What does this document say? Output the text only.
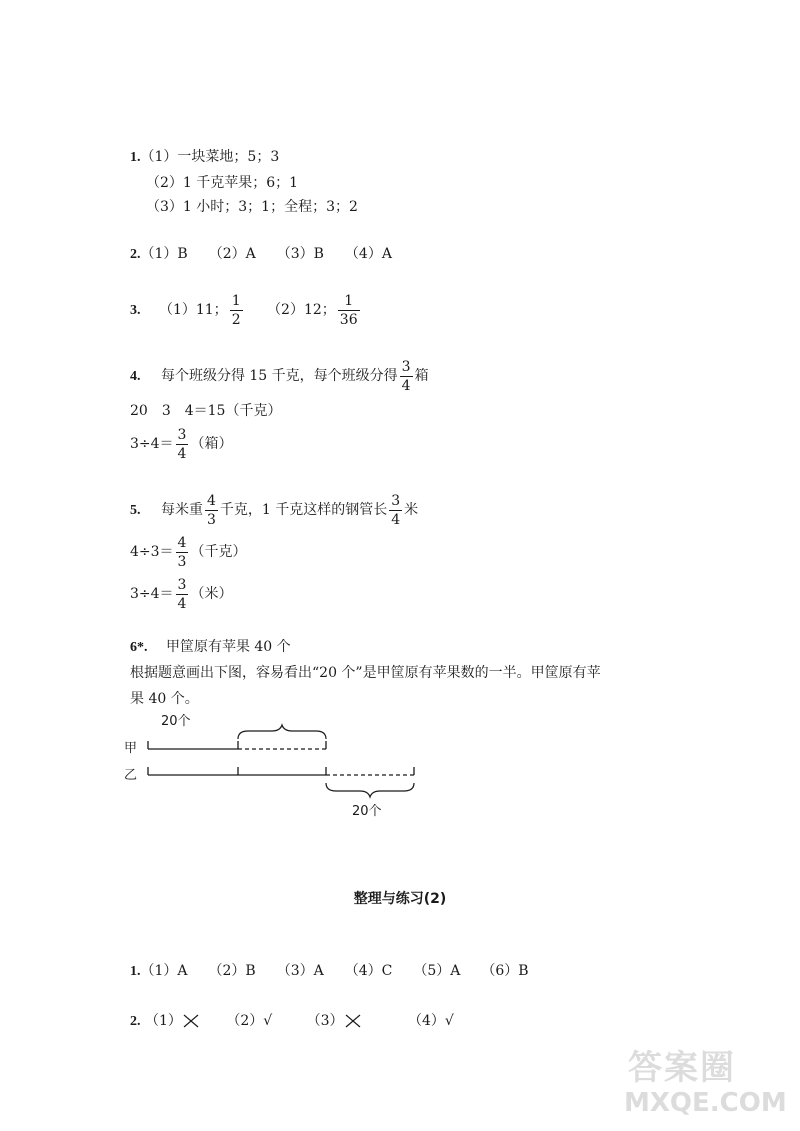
1.（1）一块菜地；5；3
（2）1 千克苹果；6；1
（3）1 小时；3；1；全程；3；2
2.（1）B　　（2）A　　（3）B　　（4）A
3. （1）11； $\frac{1}{2} (2)12$； $\frac{1}{36}$
4. 每个班级分得 15 千克，每个班级分得 $\frac{3}{4}$ 箱
20　3　4＝15（千克）
$3\div 4= \frac{3}{4}$ （箱）
5. 每米重 $\frac{4}{3}$ 千克，1 千克这样的钢管长 $\frac{3}{4}$ 米
$4\div 3= \frac{4}{3}$ （千克）
$3\div 4= \frac{3}{4}$ （米）
6*. 甲筐原有苹果 40 个
根据题意画出下图，容易看出“20 个”是甲筐原有苹果数的一半。甲筐原有苹
果 40 个。
20个
甲
乙
20个
整理与练习(2)
1.（1）A　　（2）B　　（3）A　　（4）C　　（5）A　　（6）B
2. （1）	（2）√ （3）	（4）√
答案圈
MXQE.COM
